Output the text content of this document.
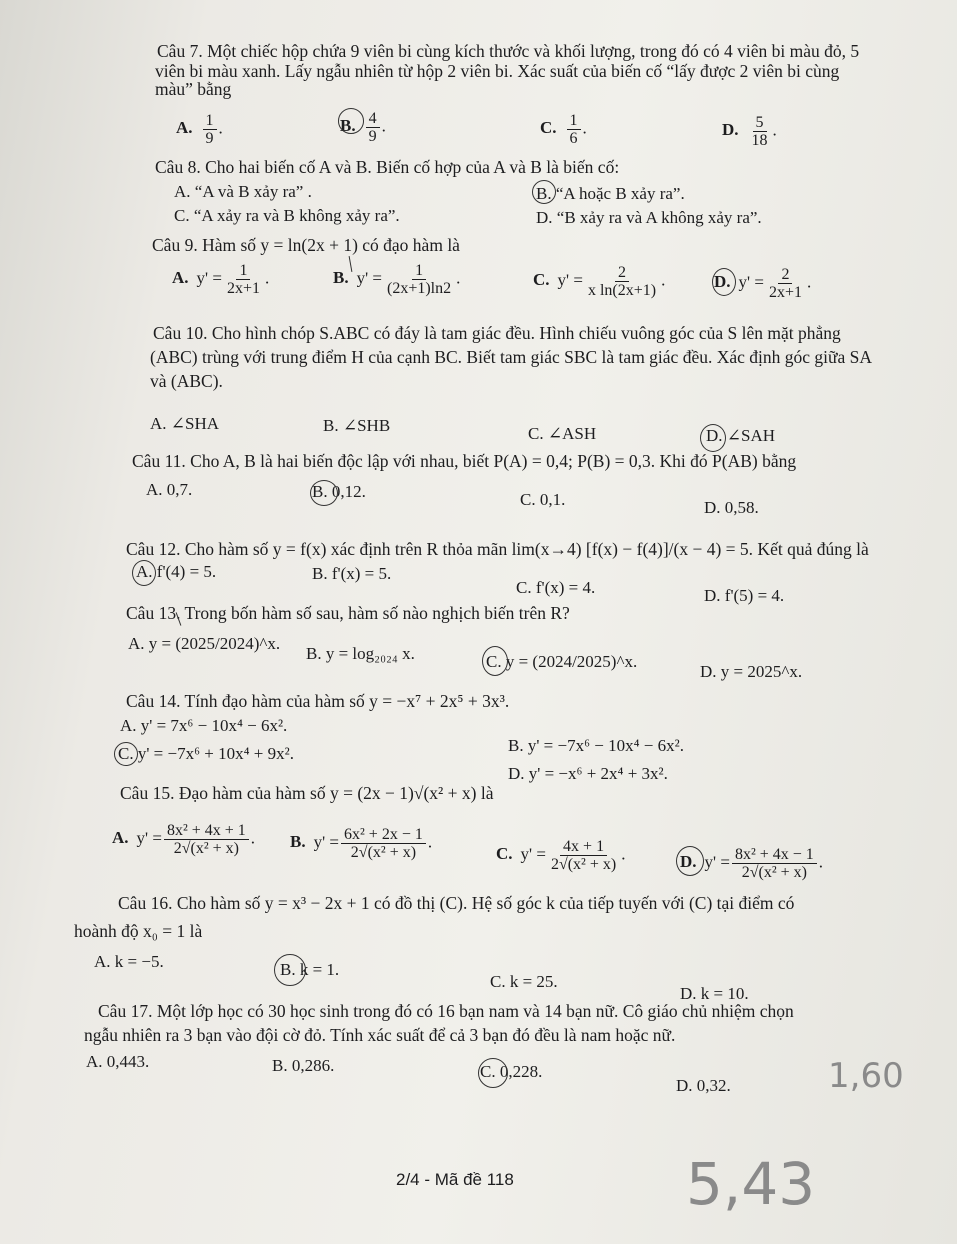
Câu 7. Một chiếc hộp chứa 9 viên bi cùng kích thước và khối lượng, trong đó có 4 viên bi màu đỏ, 5
viên bi màu xanh. Lấy ngẫu nhiên từ hộp 2 viên bi. Xác suất của biến cố “lấy được 2 viên bi cùng
màu” bằng
A. $\frac{1}{9}$ .	B. $\frac{4}{9}$ .	C. $\frac{1}{6}$ .	D. $\frac{5}{18}$ .
Câu 8. Cho hai biến cố A và B. Biến cố hợp của A và B là biến cố:
A. “A và B xảy ra” .	B. “A hoặc B xảy ra”.
C. “A xảy ra và B không xảy ra”.	D. “B xảy ra và A không xảy ra”.
Câu 9. Hàm số y = ln(2x + 1) có đạo hàm là
A. $y' = \frac{1}{2x+1}$ .	B. $y' = \frac{1}{(2x+1)\ln 2}$ .	C. $y' = \frac{2}{\text{x ln(2x+1)}}$ .	D. $y' = \frac{2}{2x+1}$ .
Câu 10. Cho hình chóp S.ABC có đáy là tam giác đều. Hình chiếu vuông góc của S lên mặt phẳng
(ABC) trùng với trung điểm H của cạnh BC. Biết tam giác SBC là tam giác đều. Xác định góc giữa SA
và (ABC).
A. ∠SHA	B. ∠SHB	C. ∠ASH	D. ∠SAH
Câu 11. Cho A, B là hai biến độc lập với nhau, biết P(A) = 0,4; P(B) = 0,3. Khi đó P(AB) bằng
A. 0,7.	B. 0,12.	C. 0,1.	D. 0,58.
Câu 12. Cho hàm số y = f(x) xác định trên R thỏa mãn lim(x→4) [f(x) − f(4)]/(x − 4) = 5. Kết quả đúng là
A. f'(4) = 5.	B. f'(x) = 5.
C. f'(x) = 4.	D. f'(5) = 4.
Câu 13. Trong bốn hàm số sau, hàm số nào nghịch biến trên R?
A. y = (2025/2024)^x.
B. y = log₂₀₂₄ x.	C. y = (2024/2025)^x.
D. y = 2025^x.
Câu 14. Tính đạo hàm của hàm số y = −x⁷ + 2x⁵ + 3x³.
A. y' = 7x⁶ − 10x⁴ − 6x².
B. y' = −7x⁶ − 10x⁴ − 6x².
C. y' = −7x⁶ + 10x⁴ + 9x².
D. y' = −x⁶ + 2x⁴ + 3x².
Câu 15. Đạo hàm của hàm số y = (2x − 1)√(x² + x) là
A. $y' = \frac{\text{8x² + 4x + 1}}{\text{2√(x² + x)}}$ . B. $y' = \frac{\text{6x² + 2x − 1}}{\text{2√(x² + x)}}$ .
C. $y' = \frac{4x + 1}{\text{2√(x² + x)}}$ .	D. $y' = \frac{\text{8x² + 4x − 1}}{\text{2√(x² + x)}}$ .
Câu 16. Cho hàm số y = x³ − 2x + 1 có đồ thị (C). Hệ số góc k của tiếp tuyến với (C) tại điểm có
hoành độ x₀ = 1 là
A. k = −5.	B. k = 1.
C. k = 25.
D. k = 10.
Câu 17. Một lớp học có 30 học sinh trong đó có 16 bạn nam và 14 bạn nữ. Cô giáo chủ nhiệm chọn
ngẫu nhiên ra 3 bạn vào đội cờ đỏ. Tính xác suất để cả 3 bạn đó đều là nam hoặc nữ.
A. 0,443.	B. 0,286.	C. 0,228.
D. 0,32.
2/4 - Mã đề 118
1,60
5,43
